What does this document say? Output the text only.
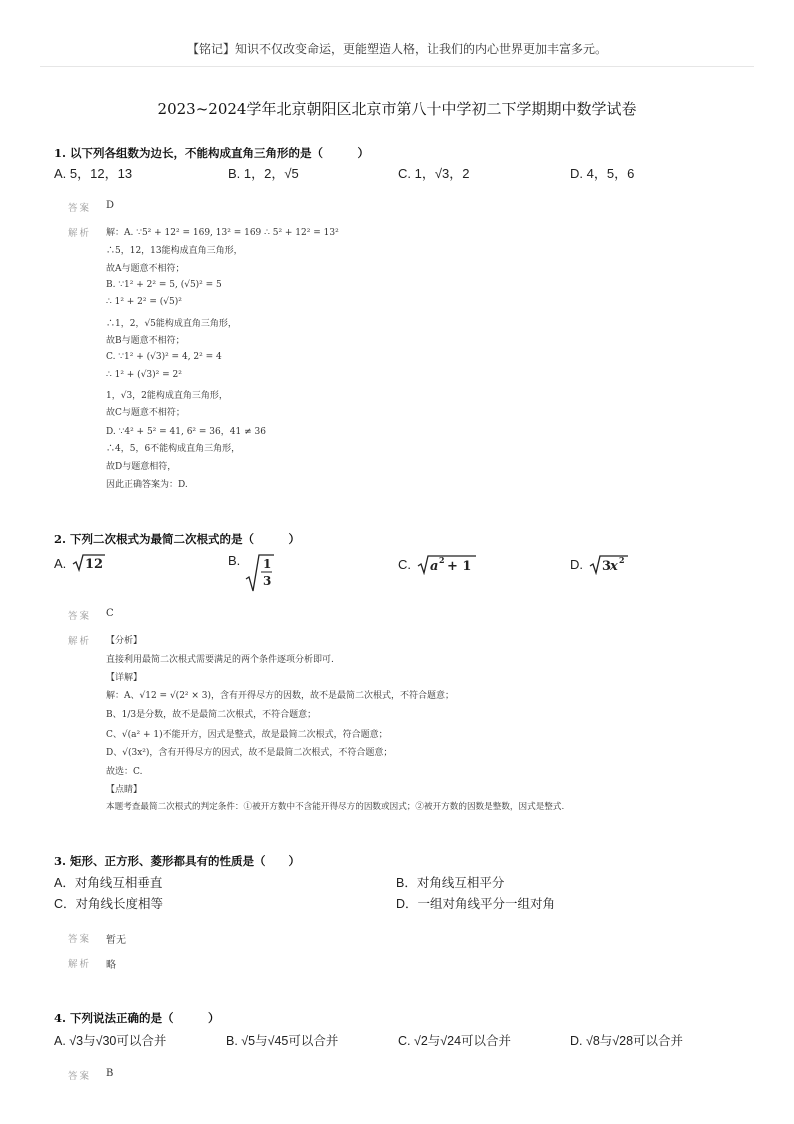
【铭记】知识不仅改变命运，更能塑造人格，让我们的内心世界更加丰富多元。
2023~2024学年北京朝阳区北京市第八十中学初二下学期期中数学试卷
1. 以下列各组数为边长，不能构成直角三角形的是（　　　）
A. 5，12，13	B. 1，2，√5	C. 1，√3，2	D. 4，5，6
答案 D
解析 解：A. ∵5² + 12² = 169, 13² = 169 ∴ 5² + 12² = 13²
∴5，12，13能构成直角三角形，
故A与题意不相符；
B. ∵1² + 2² = 5, (√5)² = 5
∴ 1² + 2² = (√5)²
∴1，2，√5能构成直角三角形，
故B与题意不相符；
C. ∵1² + (√3)² = 4, 2² = 4
∴ 1² + (√3)² = 2²
1，√3，2能构成直角三角形，
故C与题意不相符；
D. ∵4² + 5² = 41, 6² = 36，41 ≠ 36
∴4，5，6不能构成直角三角形，
故D与题意相符，
因此正确答案为：D.
2. 下列二次根式为最简二次根式的是（　　　）
A. 12	B. 1
3
C. a 2 + 1	D. 3
x 2
答案 C
解析 【分析】
直接利用最简二次根式需要满足的两个条件逐项分析即可.
【详解】
解：A、√12 = √(2² × 3)，含有开得尽方的因数，故不是最简二次根式，不符合题意；
B、1/3是分数，故不是最简二次根式，不符合题意；
C、√(a² + 1)不能开方，因式是整式，故是最简二次根式，符合题意；
D、√(3x²)，含有开得尽方的因式，故不是最简二次根式，不符合题意；
故选：C.
【点睛】
本题考查最简二次根式的判定条件：①被开方数中不含能开得尽方的因数或因式；②被开方数的因数是整数，因式是整式.
3. 矩形、正方形、菱形都具有的性质是（　　）
A．对角线互相垂直	B．对角线互相平分
C．对角线长度相等	D．一组对角线平分一组对角
答案 暂无
解析 略
4. 下列说法正确的是（　　　）
A. √3与√30可以合并	B. √5与√45可以合并	C. √2与√24可以合并	D. √8与√28可以合并
答案 B
